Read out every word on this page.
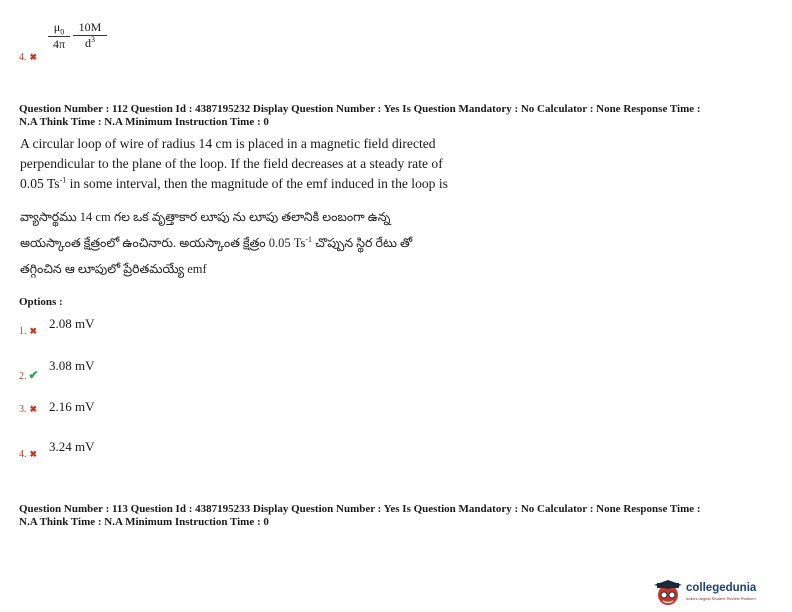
$\frac{\mu_0}{4\pi} \frac{10M}{d^3}$
4. ✖
Question Number : 112 Question Id : 4387195232 Display Question Number : Yes Is Question Mandatory : No Calculator : None Response Time :
N.A Think Time : N.A Minimum Instruction Time : 0
A circular loop of wire of radius 14 cm is placed in a magnetic field directed
perpendicular to the plane of the loop. If the field decreases at a steady rate of
0.05 $Ts^{-1}$ in some interval, then the magnitude of the emf induced in the loop is
వ్యాసార్థము 14 cm గల ఒక వృత్తాకార లూపు ను లూపు తలానికి లంబంగా ఉన్న
అయస్కాంత క్షేత్రంలో ఉంచినారు. అయస్కాంత క్షేత్రం 0.05 $Ts^{-1}$ చొప్పున స్థిర రేటు తో
తగ్గించిన ఆ లూపులో ప్రేరితమయ్యే emf
Options :
1. ✖ 2.08 mV
2. ✔
3.08 mV
3. ✖ 2.16 mV
4. ✖ 3.24 mV
Question Number : 113 Question Id : 4387195233 Display Question Number : Yes Is Question Mandatory : No Calculator : None Response Time :
N.A Think Time : N.A Minimum Instruction Time : 0
collegedunia
India's largest Student Review Platform
